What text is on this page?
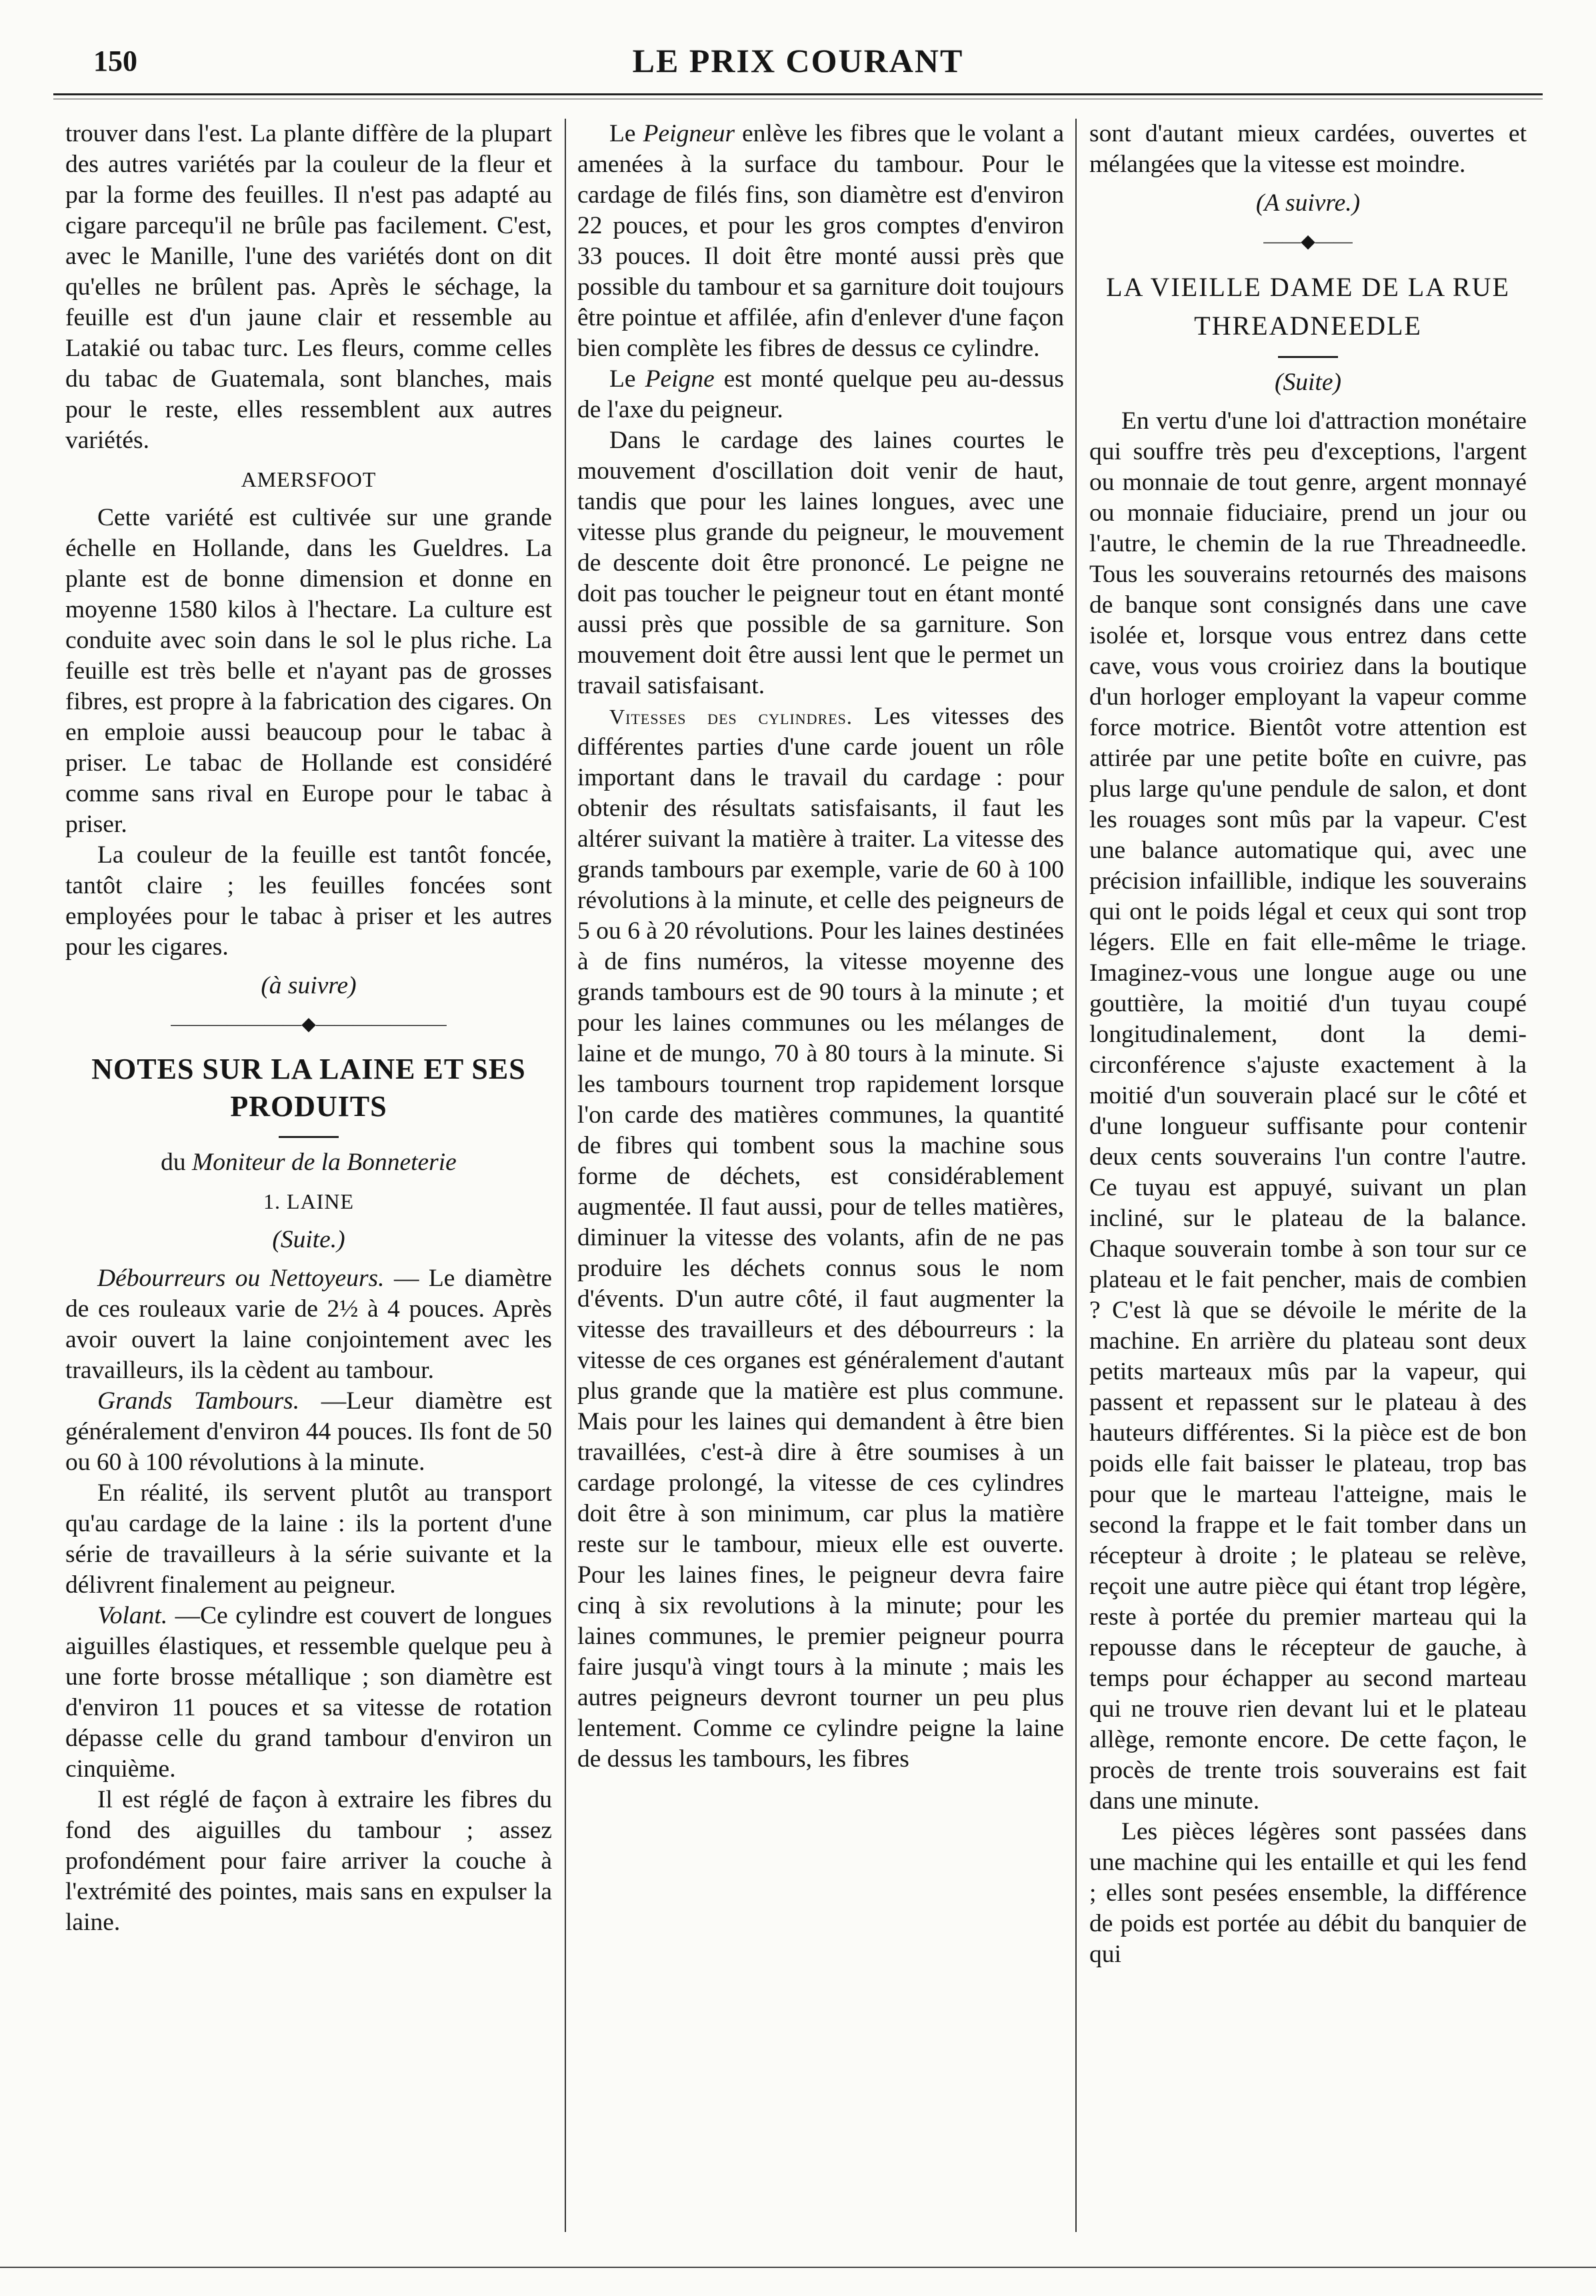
150	LE PRIX COURANT

trouver dans l'est. La plante diffère de la plupart des autres variétés par la couleur de la fleur et par la forme des feuilles. Il n'est pas adapté au cigare parcequ'il ne brûle pas facilement. C'est, avec le Manille, l'une des variétés dont on dit qu'elles ne brûlent pas. Après le séchage, la feuille est d'un jaune clair et ressemble au Latakié ou tabac turc. Les fleurs, comme celles du tabac de Guatemala, sont blanches, mais pour le reste, elles ressemblent aux autres variétés.

AMERSFOOT

Cette variété est cultivée sur une grande échelle en Hollande, dans les Gueldres. La plante est de bonne dimension et donne en moyenne 1580 kilos à l'hectare. La culture est conduite avec soin dans le sol le plus riche. La feuille est très belle et n'ayant pas de grosses fibres, est propre à la fabrication des cigares. On en emploie aussi beaucoup pour le tabac à priser. Le tabac de Hollande est considéré comme sans rival en Europe pour le tabac à priser.

La couleur de la feuille est tantôt foncée, tantôt claire ; les feuilles foncées sont employées pour le tabac à priser et les autres pour les cigares.

(à suivre)

―――――――◆―――――――
NOTES SUR LA LAINE ET SES PRODUITS

du Moniteur de la Bonneterie

1. LAINE

(Suite.)

Débourreurs ou Nettoyeurs. — Le diamètre de ces rouleaux varie de 2½ à 4 pouces. Après avoir ouvert la laine conjointement avec les travailleurs, ils la cèdent au tambour.

Grands Tambours. —Leur diamètre est généralement d'environ 44 pouces. Ils font de 50 ou 60 à 100 révolutions à la minute.

En réalité, ils servent plutôt au transport qu'au cardage de la laine : ils la portent d'une série de travailleurs à la série suivante et la délivrent finalement au peigneur.

Volant. —Ce cylindre est couvert de longues aiguilles élastiques, et ressemble quelque peu à une forte brosse métallique ; son diamètre est d'environ 11 pouces et sa vitesse de rotation dépasse celle du grand tambour d'environ un cinquième.

Il est réglé de façon à extraire les fibres du fond des aiguilles du tambour ; assez profondément pour faire arriver la couche à l'extrémité des pointes, mais sans en expulser la laine.

Le Peigneur enlève les fibres que le volant a amenées à la surface du tambour. Pour le cardage de filés fins, son diamètre est d'environ 22 pouces, et pour les gros comptes d'environ 33 pouces. Il doit être monté aussi près que possible du tambour et sa garniture doit toujours être pointue et affilée, afin d'enlever d'une façon bien complète les fibres de dessus ce cylindre.

Le Peigne est monté quelque peu au-dessus de l'axe du peigneur.

Dans le cardage des laines courtes le mouvement d'oscillation doit venir de haut, tandis que pour les laines longues, avec une vitesse plus grande du peigneur, le mouvement de descente doit être prononcé. Le peigne ne doit pas toucher le peigneur tout en étant monté aussi près que possible de sa garniture. Son mouvement doit être aussi lent que le permet un travail satisfaisant.

Vitesses des cylindres. Les vitesses des différentes parties d'une carde jouent un rôle important dans le travail du cardage : pour obtenir des résultats satisfaisants, il faut les altérer suivant la matière à traiter. La vitesse des grands tambours par exemple, varie de 60 à 100 révolutions à la minute, et celle des peigneurs de 5 ou 6 à 20 révolutions. Pour les laines destinées à de fins numéros, la vitesse moyenne des grands tambours est de 90 tours à la minute ; et pour les laines communes ou les mélanges de laine et de mungo, 70 à 80 tours à la minute. Si les tambours tournent trop rapidement lorsque l'on carde des matières communes, la quantité de fibres qui tombent sous la machine sous forme de déchets, est considérablement augmentée. Il faut aussi, pour de telles matières, diminuer la vitesse des volants, afin de ne pas produire les déchets connus sous le nom d'évents. D'un autre côté, il faut augmenter la vitesse des travailleurs et des débourreurs : la vitesse de ces organes est généralement d'autant plus grande que la matière est plus commune. Mais pour les laines qui demandent à être bien travaillées, c'est-à dire à être soumises à un cardage prolongé, la vitesse de ces cylindres doit être à son minimum, car plus la matière reste sur le tambour, mieux elle est ouverte. Pour les laines fines, le peigneur devra faire cinq à six revolutions à la minute; pour les laines communes, le premier peigneur pourra faire jusqu'à vingt tours à la minute ; mais les autres peigneurs devront tourner un peu plus lentement. Comme ce cylindre peigne la laine de dessus les tambours, les fibres

sont d'autant mieux cardées, ouvertes et mélangées que la vitesse est moindre.

(A suivre.)

――◆――
LA VIEILLE DAME DE LA RUE THREADNEEDLE

(Suite)

En vertu d'une loi d'attraction monétaire qui souffre très peu d'exceptions, l'argent ou monnaie de tout genre, argent monnayé ou monnaie fiduciaire, prend un jour ou l'autre, le chemin de la rue Threadneedle. Tous les souverains retournés des maisons de banque sont consignés dans une cave isolée et, lorsque vous entrez dans cette cave, vous vous croiriez dans la boutique d'un horloger employant la vapeur comme force motrice. Bientôt votre attention est attirée par une petite boîte en cuivre, pas plus large qu'une pendule de salon, et dont les rouages sont mûs par la vapeur. C'est une balance automatique qui, avec une précision infaillible, indique les souverains qui ont le poids légal et ceux qui sont trop légers. Elle en fait elle-même le triage. Imaginez-vous une longue auge ou une gouttière, la moitié d'un tuyau coupé longitudinalement, dont la demi-circonférence s'ajuste exactement à la moitié d'un souverain placé sur le côté et d'une longueur suffisante pour contenir deux cents souverains l'un contre l'autre. Ce tuyau est appuyé, suivant un plan incliné, sur le plateau de la balance. Chaque souverain tombe à son tour sur ce plateau et le fait pencher, mais de combien ? C'est là que se dévoile le mérite de la machine. En arrière du plateau sont deux petits marteaux mûs par la vapeur, qui passent et repassent sur le plateau à des hauteurs différentes. Si la pièce est de bon poids elle fait baisser le plateau, trop bas pour que le marteau l'atteigne, mais le second la frappe et le fait tomber dans un récepteur à droite ; le plateau se relève, reçoit une autre pièce qui étant trop légère, reste à portée du premier marteau qui la repousse dans le récepteur de gauche, à temps pour échapper au second marteau qui ne trouve rien devant lui et le plateau allège, remonte encore. De cette façon, le procès de trente trois souverains est fait dans une minute.

Les pièces légères sont passées dans une machine qui les entaille et qui les fend ; elles sont pesées ensemble, la différence de poids est portée au débit du banquier de qui
